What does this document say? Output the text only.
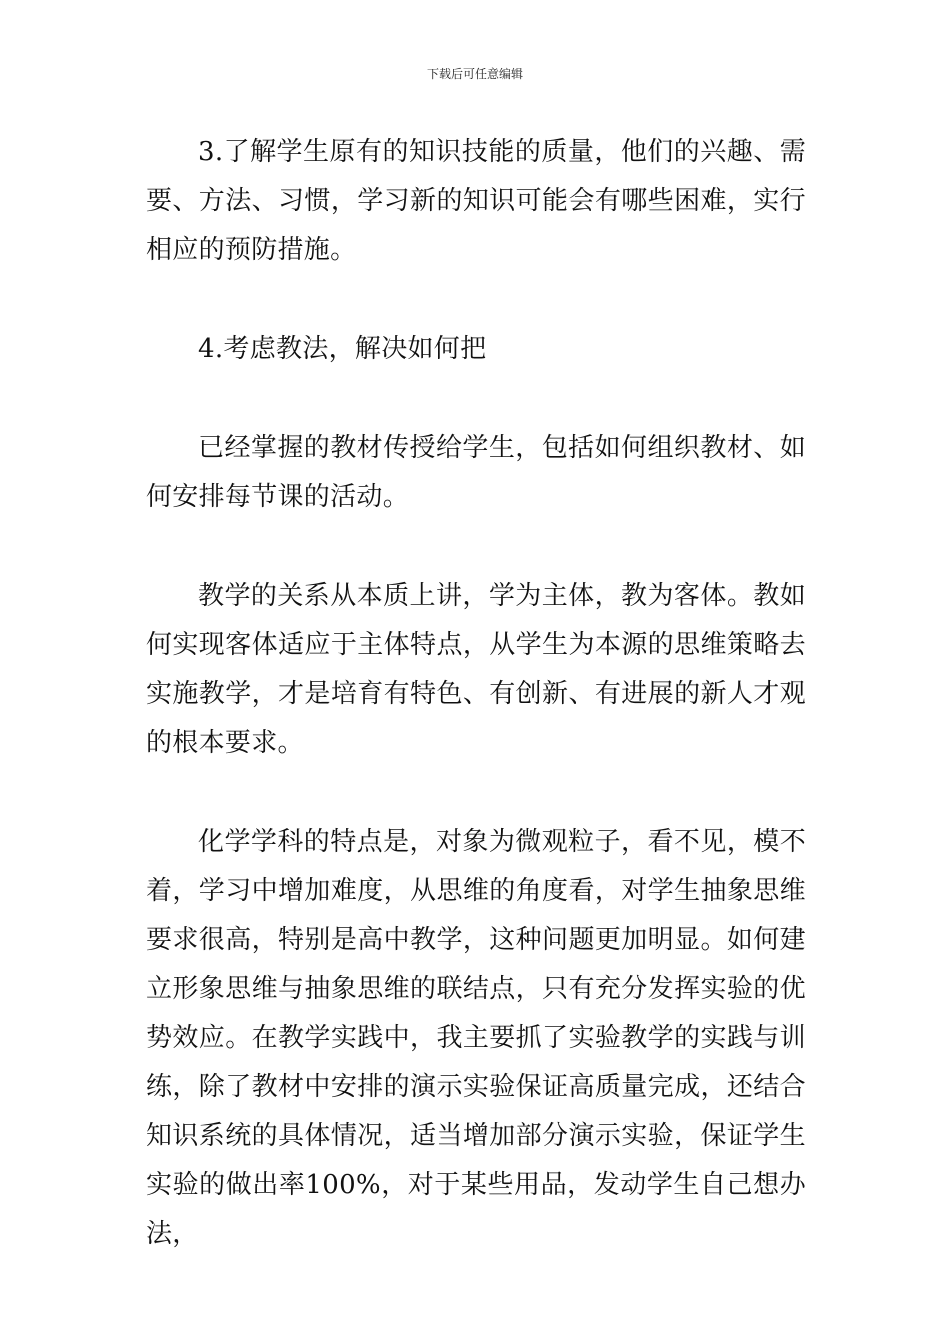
下载后可任意编辑

3.了解学生原有的知识技能的质量，他们的兴趣、需要、方法、习惯，学习新的知识可能会有哪些困难，实行相应的预防措施。

4.考虑教法，解决如何把

已经掌握的教材传授给学生，包括如何组织教材、如何安排每节课的活动。

教学的关系从本质上讲，学为主体，教为客体。教如何实现客体适应于主体特点，从学生为本源的思维策略去实施教学，才是培育有特色、有创新、有进展的新人才观的根本要求。

化学学科的特点是，对象为微观粒子，看不见，模不着，学习中增加难度，从思维的角度看，对学生抽象思维要求很高，特别是高中教学，这种问题更加明显。如何建立形象思维与抽象思维的联结点，只有充分发挥实验的优势效应。在教学实践中，我主要抓了实验教学的实践与训练，除了教材中安排的演示实验保证高质量完成，还结合知识系统的具体情况，适当增加部分演示实验，保证学生实验的做出率100%，对于某些用品，发动学生自己想办法，
